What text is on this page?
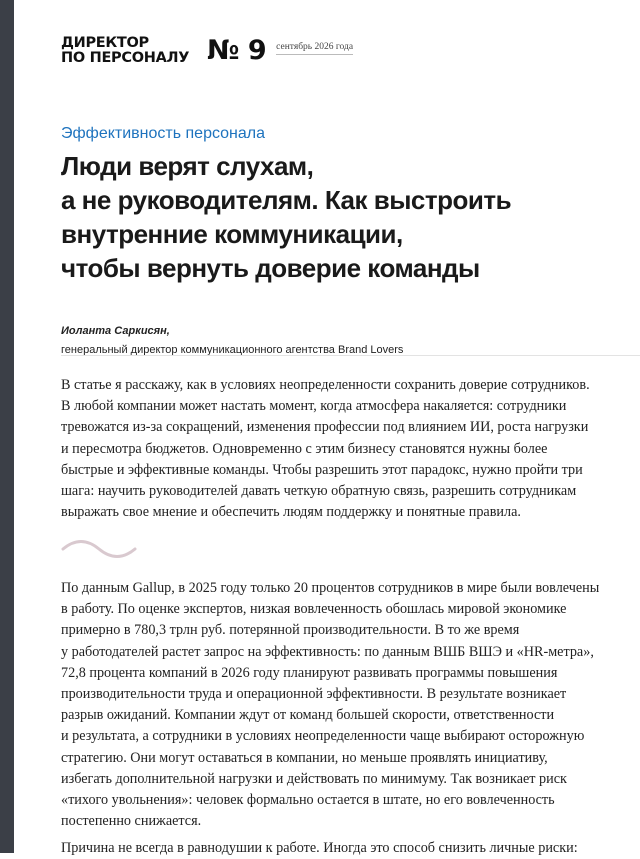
ДИРЕКТОР
ПО ПЕРСОНАЛУ № 9 сентябрь 2026 года
Эффективность персонала
Люди верят слухам,
а не руководителям. Как выстроить
внутренние коммуникации,
чтобы вернуть доверие команды
Иоланта Саркисян,
генеральный директор коммуникационного агентства Brand Lovers
В статье я расскажу, как в условиях неопределенности сохранить доверие сотрудников.
В любой компании может настать момент, когда атмосфера накаляется: сотрудники
тревожатся из-за сокращений, изменения профессии под влиянием ИИ, роста нагрузки
и пересмотра бюджетов. Одновременно с этим бизнесу становятся нужны более
быстрые и эффективные команды. Чтобы разрешить этот парадокс, нужно пройти три
шага: научить руководителей давать четкую обратную связь, разрешить сотрудникам
выражать свое мнение и обеспечить людям поддержку и понятные правила.
По данным Gallup, в 2025 году только 20 процентов сотрудников в мире были вовлечены
в работу. По оценке экспертов, низкая вовлеченность обошлась мировой экономике
примерно в 780,3 трлн руб. потерянной производительности. В то же время
у работодателей растет запрос на эффективность: по данным ВШБ ВШЭ и «HR-метра»,
72,8 процента компаний в 2026 году планируют развивать программы повышения
производительности труда и операционной эффективности. В результате возникает
разрыв ожиданий. Компании ждут от команд большей скорости, ответственности
и результата, а сотрудники в условиях неопределенности чаще выбирают осторожную
стратегию. Они могут оставаться в компании, но меньше проявлять инициативу,
избегать дополнительной нагрузки и действовать по минимуму. Так возникает риск
«тихого увольнения»: человек формально остается в штате, но его вовлеченность
постепенно снижается.
Причина не всегда в равнодушии к работе. Иногда это способ снизить личные риски:
